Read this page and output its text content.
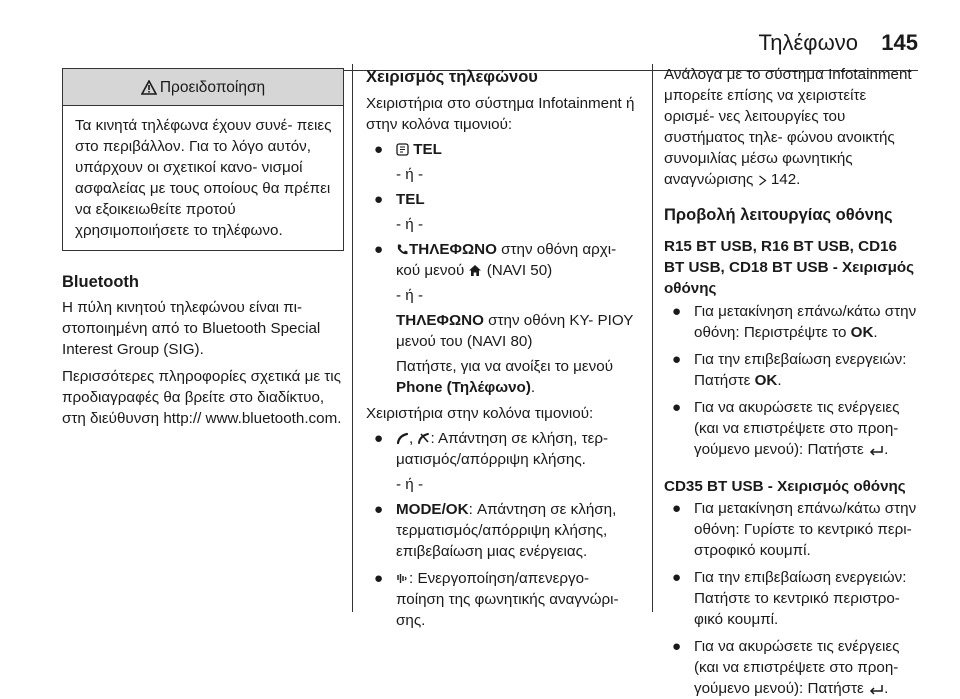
Τηλέφωνο 145
Προειδοποίηση
Τα κινητά τηλέφωνα έχουν συνέ- πειες στο περιβάλλον. Για το λόγο αυτόν, υπάρχουν οι σχετικοί κανο- νισμοί ασφαλείας με τους οποίους θα πρέπει να εξοικειωθείτε προτού χρησιμοποιήσετε το τηλέφωνο.
Bluetooth

Η πύλη κινητού τηλεφώνου είναι πι- στοποιημένη από το Bluetooth Special Interest Group (SIG).

Περισσότερες πληροφορίες σχετικά με τις προδιαγραφές θα βρείτε στο διαδίκτυο, στη διεύθυνση http:// www.bluetooth.com.

Χειρισμός τηλεφώνου

Χειριστήρια στο σύστημα Infotainment ή στην κολόνα τιμονιού:

●	TEL

- ή -

● TEL

- ή -

●	ΤΗΛΕΦΩΝΟ στην οθόνη αρχι- κού μενού  (NAVI 50)

- ή -

ΤΗΛΕΦΩΝΟ στην οθόνη ΚΥ- ΡΙΟΥ μενού του (NAVI 80)

Πατήστε, για να ανοίξει το μενού Phone (Τηλέφωνο).

Χειριστήρια στην κολόνα τιμονιού:

●	, : Απάντηση σε κλήση, τερ- ματισμός/απόρριψη κλήσης.

- ή -

● MODE/OK: Απάντηση σε κλήση, τερματισμός/απόρριψη κλήσης, επιβεβαίωση μιας ενέργειας.
●	: Ενεργοποίηση/απενεργο- ποίηση της φωνητικής αναγνώρι- σης.

Ανάλογα με το σύστημα Infotainment μπορείτε επίσης να χειριστείτε ορισμέ- νες λειτουργίες του συστήματος τηλε- φώνου ανοικτής συνομιλίας μέσω φωνητικής αναγνώρισης  142.

Προβολή λειτουργίας οθόνης

R15 BT USB, R16 BT USB, CD16 BT USB, CD18 BT USB - Χειρισμός οθόνης

● Για μετακίνηση επάνω/κάτω στην οθόνη: Περιστρέψτε το OK.
● Για την επιβεβαίωση ενεργειών: Πατήστε OK.
● Για να ακυρώσετε τις ενέργειες (και να επιστρέψετε στο προη- γούμενο μενού): Πατήστε .

CD35 BT USB - Χειρισμός οθόνης

● Για μετακίνηση επάνω/κάτω στην οθόνη: Γυρίστε το κεντρικό περι- στροφικό κουμπί.
● Για την επιβεβαίωση ενεργειών: Πατήστε το κεντρικό περιστρο- φικό κουμπί.
● Για να ακυρώσετε τις ενέργειες (και να επιστρέψετε στο προη- γούμενο μενού): Πατήστε .
